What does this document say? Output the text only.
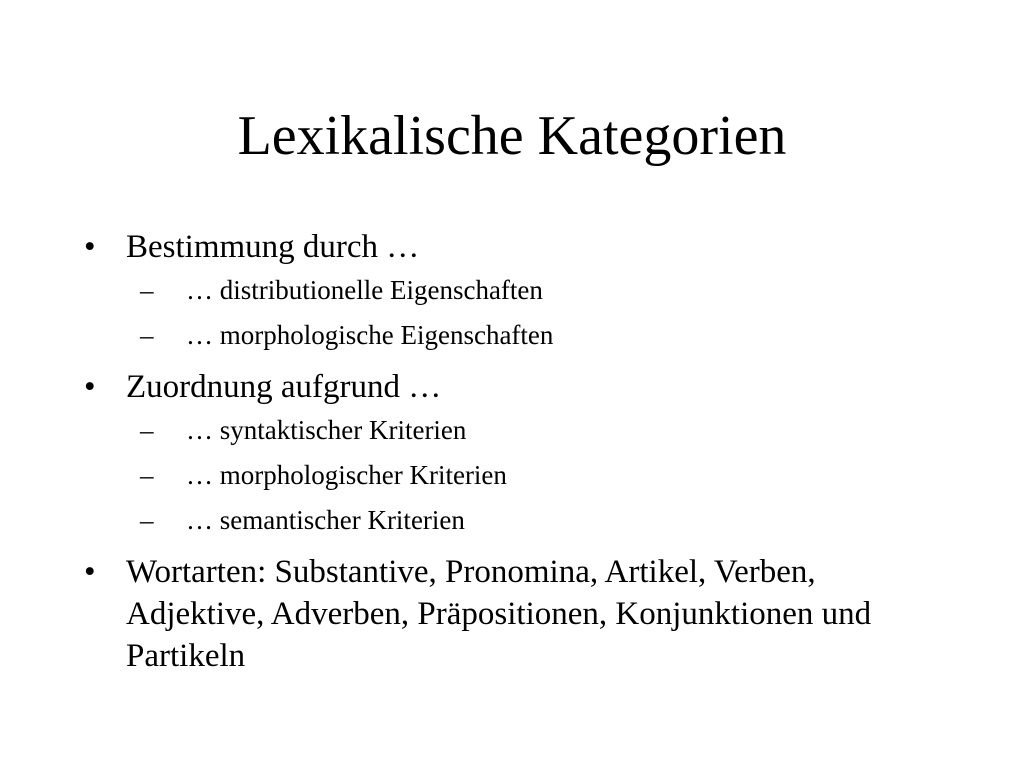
Lexikalische Kategorien
• Bestimmung durch …
– … distributionelle Eigenschaften
– … morphologische Eigenschaften
• Zuordnung aufgrund …
– … syntaktischer Kriterien
– … morphologischer Kriterien
– … semantischer Kriterien
• Wortarten: Substantive, Pronomina, Artikel, Verben, Adjektive, Adverben, Präpositionen, Konjunktionen und Partikeln
